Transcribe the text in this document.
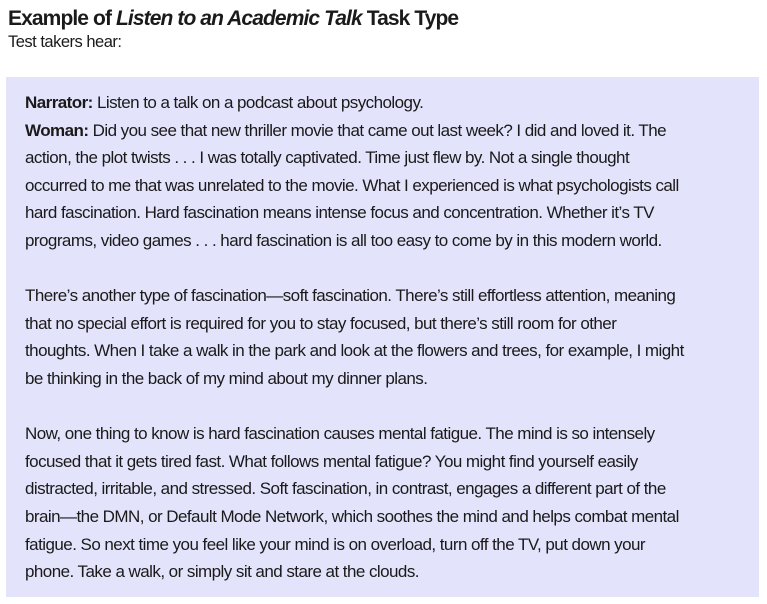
Example of Listen to an Academic Talk Task Type

Test takers hear:

Narrator: Listen to a talk on a podcast about psychology.
Woman: Did you see that new thriller movie that came out last week? I did and loved it. The
action, the plot twists . . . I was totally captivated. Time just flew by. Not a single thought
occurred to me that was unrelated to the movie. What I experienced is what psychologists call
hard fascination. Hard fascination means intense focus and concentration. Whether it’s TV
programs, video games . . . hard fascination is all too easy to come by in this modern world.

There’s another type of fascination—soft fascination. There’s still effortless attention, meaning
that no special effort is required for you to stay focused, but there’s still room for other
thoughts. When I take a walk in the park and look at the flowers and trees, for example, I might
be thinking in the back of my mind about my dinner plans.

Now, one thing to know is hard fascination causes mental fatigue. The mind is so intensely
focused that it gets tired fast. What follows mental fatigue? You might find yourself easily
distracted, irritable, and stressed. Soft fascination, in contrast, engages a different part of the
brain—the DMN, or Default Mode Network, which soothes the mind and helps combat mental
fatigue. So next time you feel like your mind is on overload, turn off the TV, put down your
phone. Take a walk, or simply sit and stare at the clouds.
